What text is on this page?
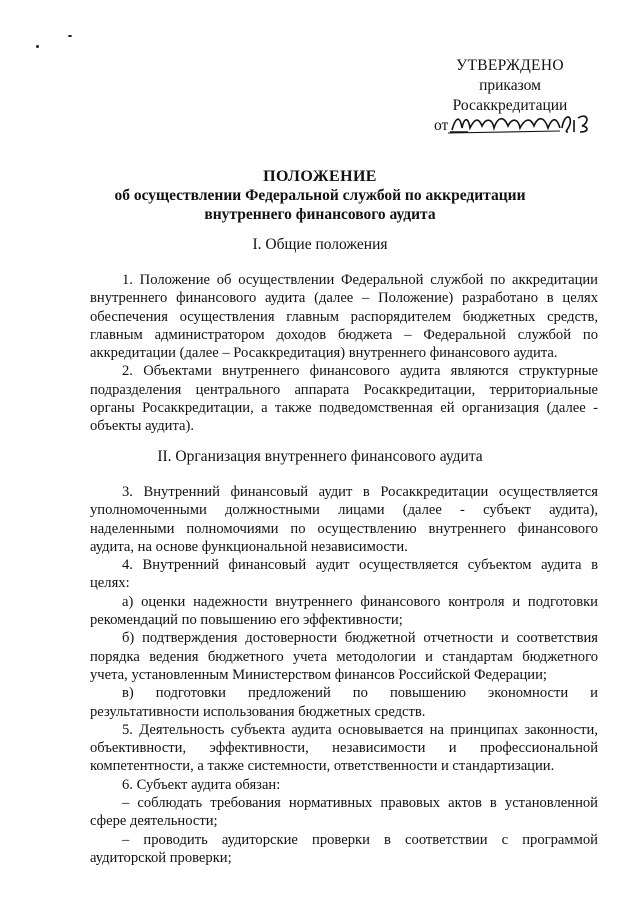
УТВЕРЖДЕНО
приказом
Росаккредитации
от
ПОЛОЖЕНИЕ
об осуществлении Федеральной службой по аккредитации
внутреннего финансового аудита
I. Общие положения

1. Положение об осуществлении Федеральной службой по аккредитации внутреннего финансового аудита (далее – Положение) разработано в целях обеспечения осуществления главным распорядителем бюджетных средств, главным администратором доходов бюджета – Федеральной службой по аккредитации (далее – Росаккредитация) внутреннего финансового аудита.

2. Объектами внутреннего финансового аудита являются структурные подразделения центрального аппарата Росаккредитации, территориальные органы Росаккредитации, а также подведомственная ей организация (далее - объекты аудита).

II. Организация внутреннего финансового аудита

3. Внутренний финансовый аудит в Росаккредитации осуществляется уполномоченными должностными лицами (далее - субъект аудита), наделенными полномочиями по осуществлению внутреннего финансового аудита, на основе функциональной независимости.

4. Внутренний финансовый аудит осуществляется субъектом аудита в целях:

а) оценки надежности внутреннего финансового контроля и подготовки рекомендаций по повышению его эффективности;

б) подтверждения достоверности бюджетной отчетности и соответствия порядка ведения бюджетного учета методологии и стандартам бюджетного учета, установленным Министерством финансов Российской Федерации;

в) подготовки предложений по повышению экономности и результативности использования бюджетных средств.

5. Деятельность субъекта аудита основывается на принципах законности, объективности, эффективности, независимости и профессиональной компетентности, а также системности, ответственности и стандартизации.

6. Субъект аудита обязан:

– соблюдать требования нормативных правовых актов в установленной сфере деятельности;

– проводить аудиторские проверки в соответствии с программой аудиторской проверки;
